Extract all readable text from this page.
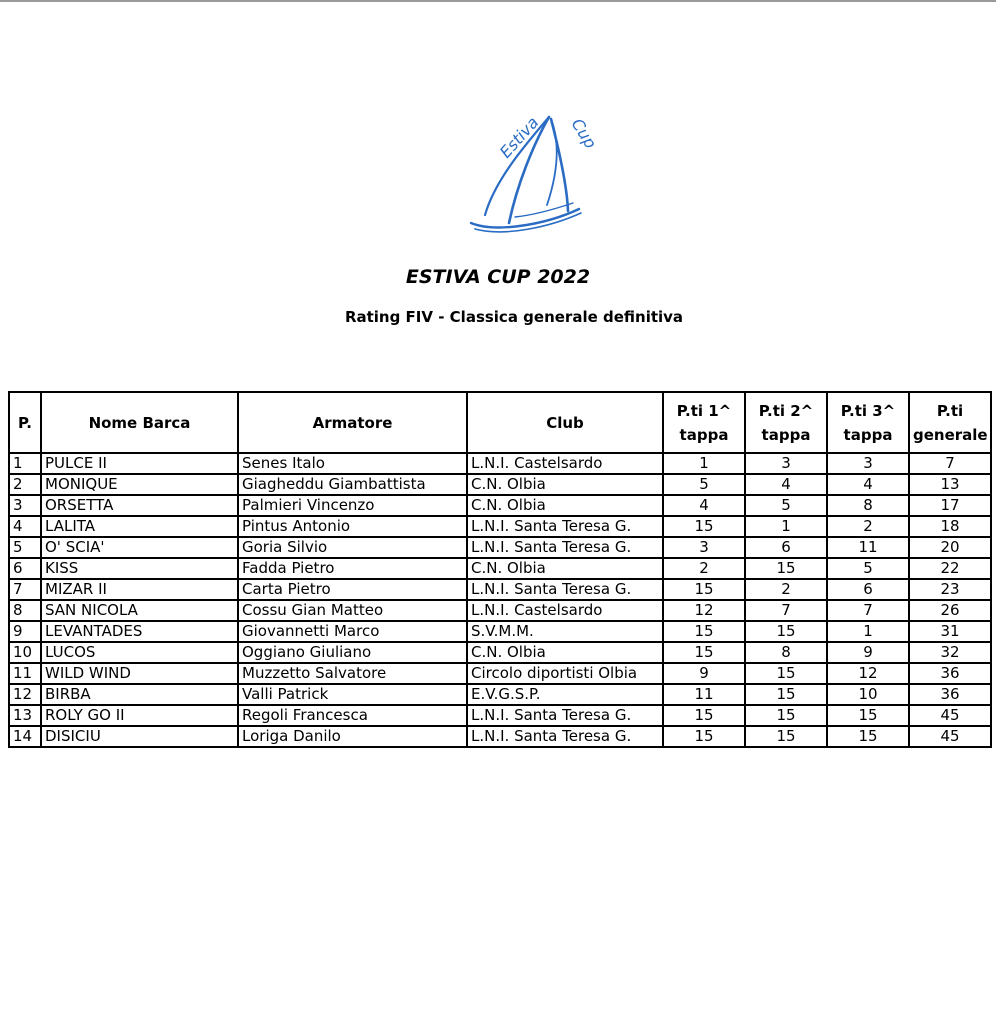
Estiva Cup
ESTIVA CUP 2022
Rating FIV - Classica generale definitiva
P.	Nome Barca	Armatore	Club	P.ti 1^ tappa	P.ti 2^ tappa	P.ti 3^ tappa	P.ti generale
1	PULCE II	Senes Italo	L.N.I. Castelsardo	1	3	3	7
2	MONIQUE	Giagheddu Giambattista	C.N. Olbia	5	4	4	13
3	ORSETTA	Palmieri Vincenzo	C.N. Olbia	4	5	8	17
4	LALITA	Pintus Antonio	L.N.I. Santa Teresa G.	15	1	2	18
5	O' SCIA'	Goria Silvio	L.N.I. Santa Teresa G.	3	6	11	20
6	KISS	Fadda Pietro	C.N. Olbia	2	15	5	22
7	MIZAR II	Carta Pietro	L.N.I. Santa Teresa G.	15	2	6	23
8	SAN NICOLA	Cossu Gian Matteo	L.N.I. Castelsardo	12	7	7	26
9	LEVANTADES	Giovannetti Marco	S.V.M.M.	15	15	1	31
10	LUCOS	Oggiano Giuliano	C.N. Olbia	15	8	9	32
11	WILD WIND	Muzzetto Salvatore	Circolo diportisti Olbia	9	15	12	36
12	BIRBA	Valli Patrick	E.V.G.S.P.	11	15	10	36
13	ROLY GO II	Regoli Francesca	L.N.I. Santa Teresa G.	15	15	15	45
14	DISICIU	Loriga Danilo	L.N.I. Santa Teresa G.	15	15	15	45
